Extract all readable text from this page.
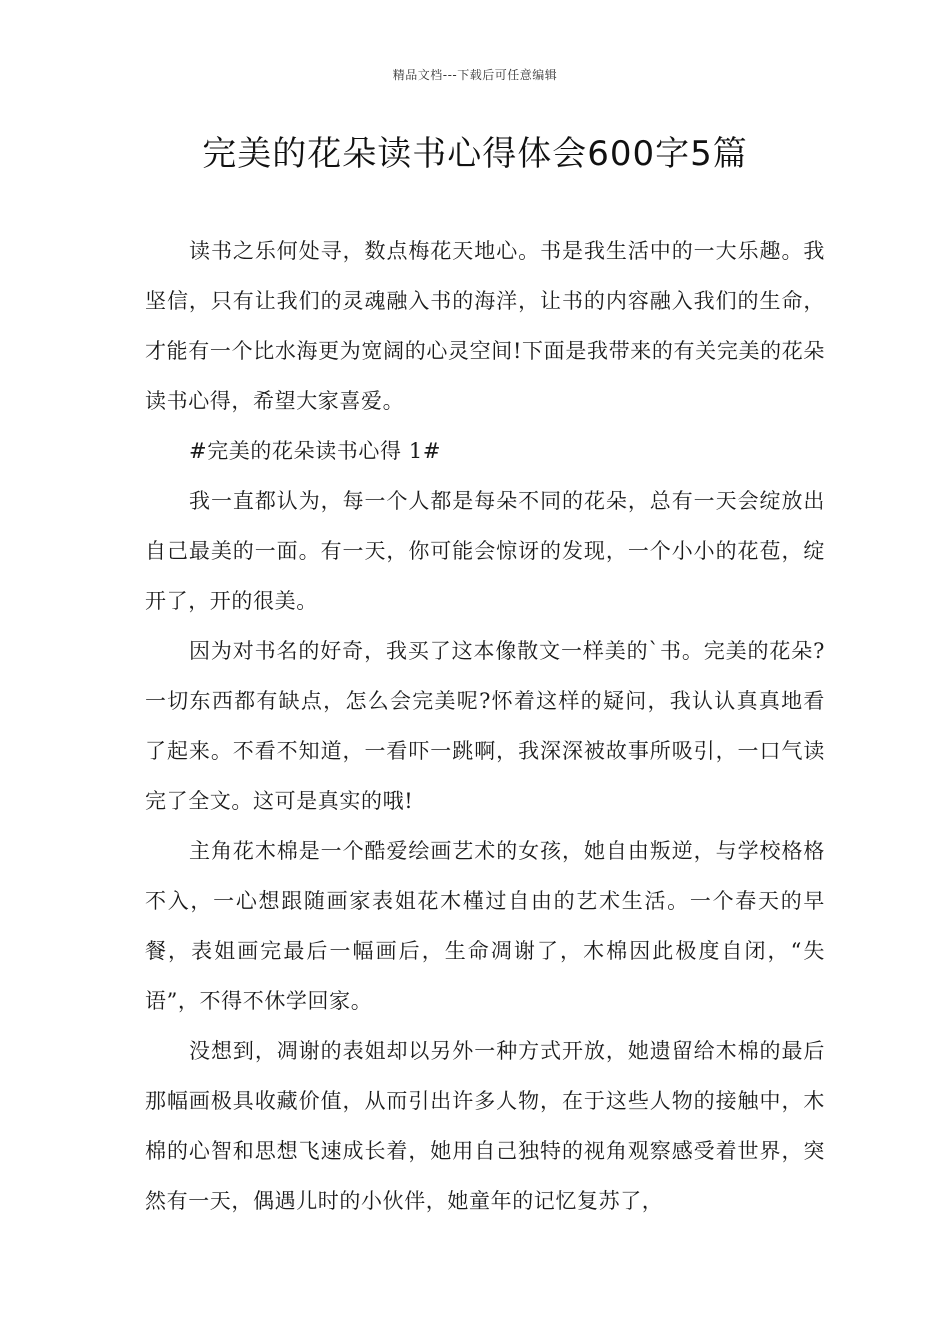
精品文档---下载后可任意编辑
完美的花朵读书心得体会600字5篇

读书之乐何处寻，数点梅花天地心。书是我生活中的一大乐趣。我坚信，只有让我们的灵魂融入书的海洋，让书的内容融入我们的生命，才能有一个比水海更为宽阔的心灵空间!下面是我带来的有关完美的花朵读书心得，希望大家喜爱。

#完美的花朵读书心得 1#

我一直都认为，每一个人都是每朵不同的花朵，总有一天会绽放出自己最美的一面。有一天，你可能会惊讶的发现，一个小小的花苞，绽开了，开的很美。

因为对书名的好奇，我买了这本像散文一样美的`书。完美的花朵?一切东西都有缺点，怎么会完美呢?怀着这样的疑问，我认认真真地看了起来。不看不知道，一看吓一跳啊，我深深被故事所吸引，一口气读完了全文。这可是真实的哦!

主角花木棉是一个酷爱绘画艺术的女孩，她自由叛逆，与学校格格不入，一心想跟随画家表姐花木槿过自由的艺术生活。一个春天的早餐，表姐画完最后一幅画后，生命凋谢了，木棉因此极度自闭，“失语”，不得不休学回家。

没想到，凋谢的表姐却以另外一种方式开放，她遗留给木棉的最后那幅画极具收藏价值，从而引出许多人物，在于这些人物的接触中，木棉的心智和思想飞速成长着，她用自己独特的视角观察感受着世界，突然有一天，偶遇儿时的小伙伴，她童年的记忆复苏了，
